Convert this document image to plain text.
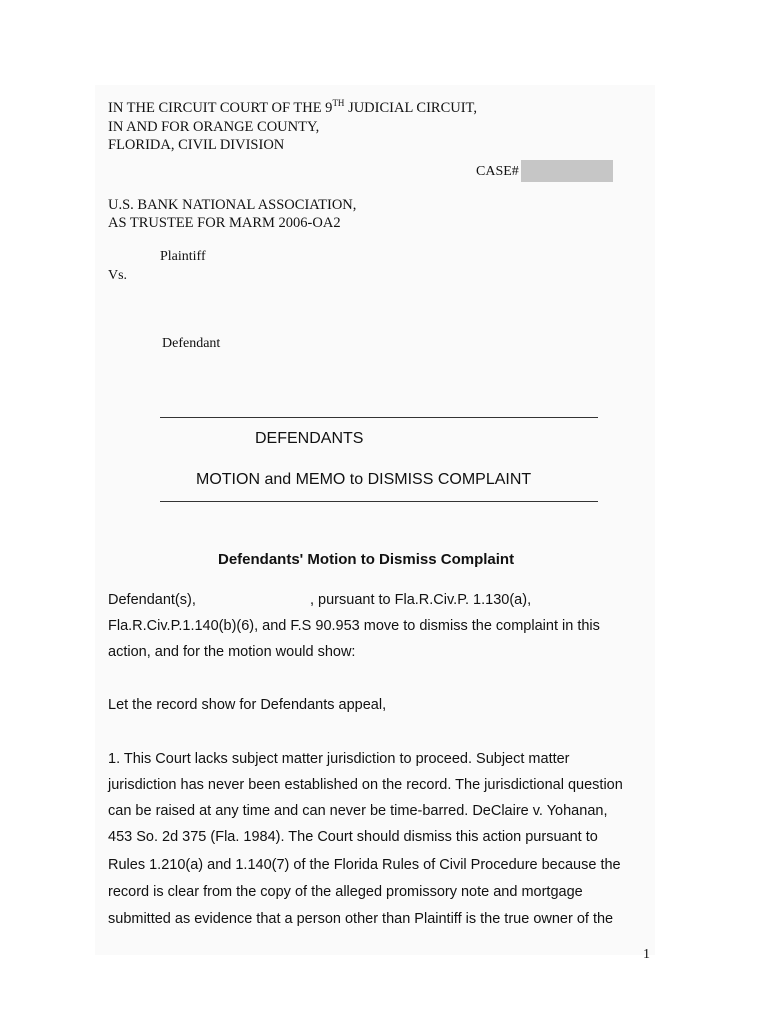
IN THE CIRCUIT COURT OF THE 9TH JUDICIAL CIRCUIT,
IN AND FOR ORANGE COUNTY,
FLORIDA, CIVIL DIVISION
CASE#
U.S. BANK NATIONAL ASSOCIATION,
AS TRUSTEE FOR MARM 2006-OA2
Plaintiff
Vs.
Defendant
DEFENDANTS
MOTION and MEMO to DISMISS COMPLAINT
Defendants' Motion to Dismiss Complaint
Defendant(s),	, pursuant to Fla.R.Civ.P. 1.130(a),
Fla.R.Civ.P.1.140(b)(6), and F.S 90.953 move to dismiss the complaint in this
action, and for the motion would show:
Let the record show for Defendants appeal,
1. This Court lacks subject matter jurisdiction to proceed. Subject matter
jurisdiction has never been established on the record. The jurisdictional question
can be raised at any time and can never be time-barred. DeClaire v. Yohanan,
453 So. 2d 375 (Fla. 1984). The Court should dismiss this action pursuant to
Rules 1.210(a) and 1.140(7) of the Florida Rules of Civil Procedure because the
record is clear from the copy of the alleged promissory note and mortgage
submitted as evidence that a person other than Plaintiff is the true owner of the
1
